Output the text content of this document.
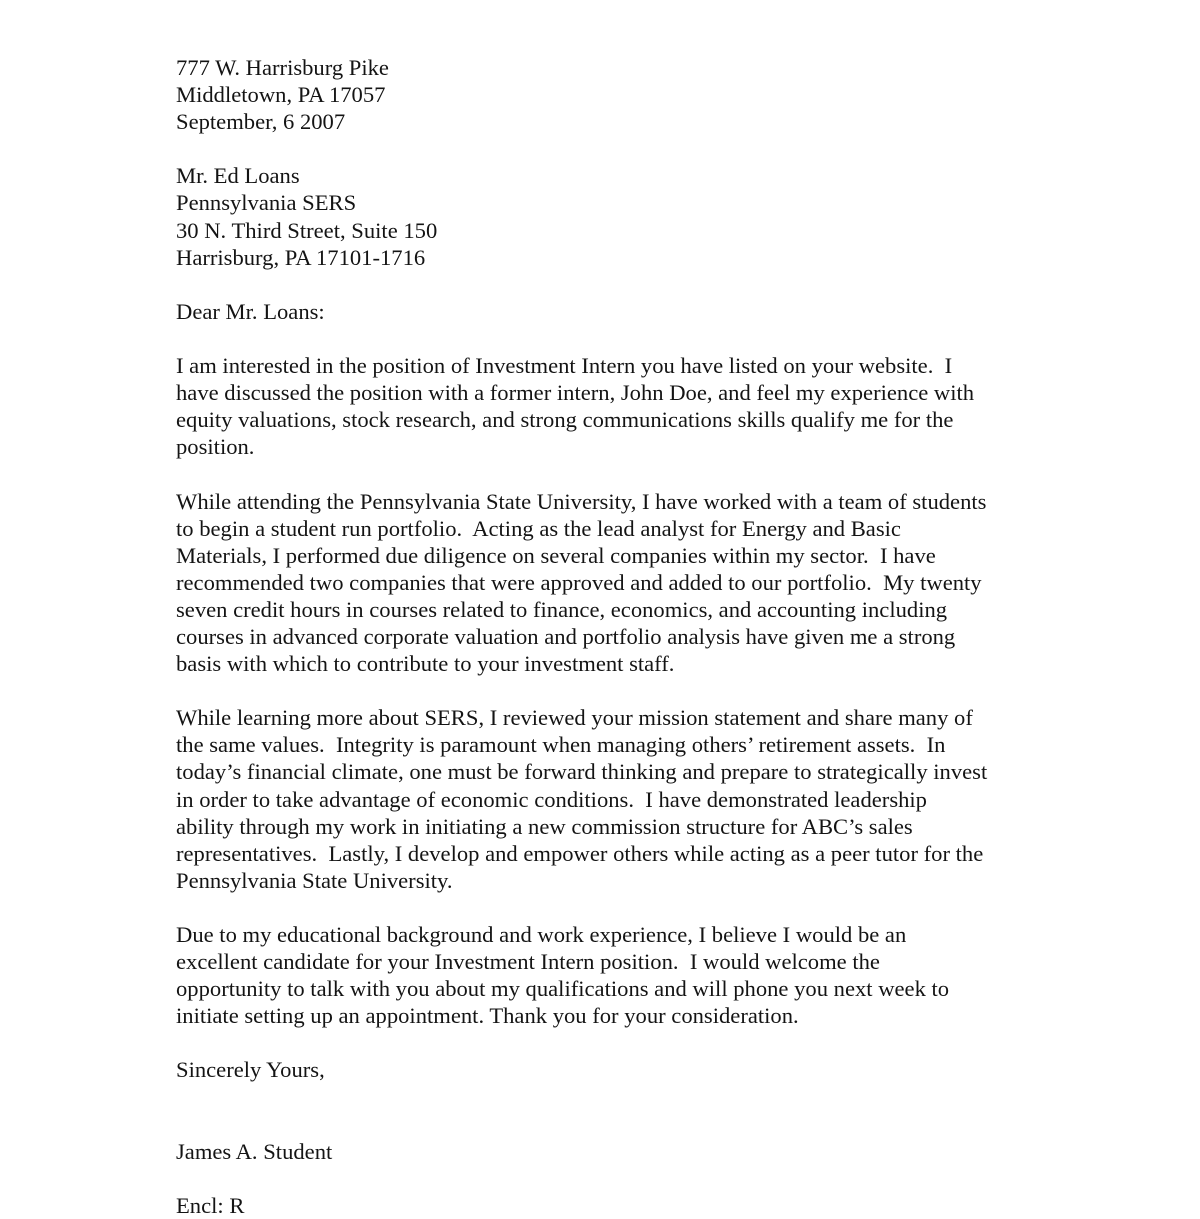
777 W. Harrisburg Pike
Middletown, PA 17057
September, 6 2007
Mr. Ed Loans
Pennsylvania SERS
30 N. Third Street, Suite 150
Harrisburg, PA 17101-1716
Dear Mr. Loans:
I am interested in the position of Investment Intern you have listed on your website.  I
have discussed the position with a former intern, John Doe, and feel my experience with
equity valuations, stock research, and strong communications skills qualify me for the
position.
While attending the Pennsylvania State University, I have worked with a team of students
to begin a student run portfolio.  Acting as the lead analyst for Energy and Basic
Materials, I performed due diligence on several companies within my sector.  I have
recommended two companies that were approved and added to our portfolio.  My twenty
seven credit hours in courses related to finance, economics, and accounting including
courses in advanced corporate valuation and portfolio analysis have given me a strong
basis with which to contribute to your investment staff.
While learning more about SERS, I reviewed your mission statement and share many of
the same values.  Integrity is paramount when managing others’ retirement assets.  In
today’s financial climate, one must be forward thinking and prepare to strategically invest
in order to take advantage of economic conditions.  I have demonstrated leadership
ability through my work in initiating a new commission structure for ABC’s sales
representatives.  Lastly, I develop and empower others while acting as a peer tutor for the
Pennsylvania State University.
Due to my educational background and work experience, I believe I would be an
excellent candidate for your Investment Intern position.  I would welcome the
opportunity to talk with you about my qualifications and will phone you next week to
initiate setting up an appointment. Thank you for your consideration.
Sincerely Yours,
James A. Student
Encl: R
